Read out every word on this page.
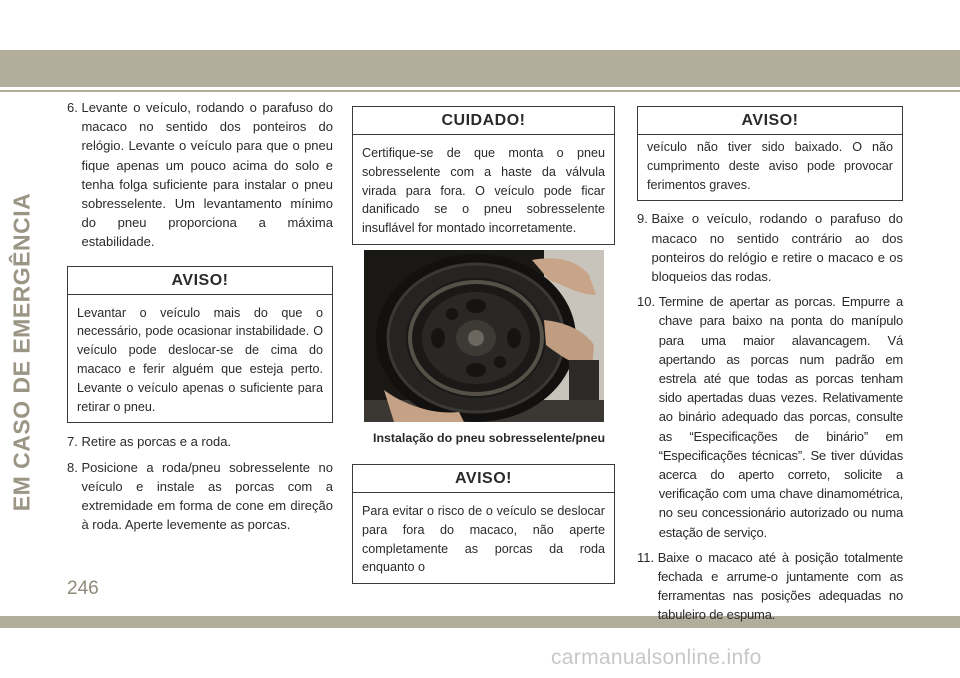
EM CASO DE EMERGÊNCIA
6. Levante o veículo, rodando o parafuso do macaco no sentido dos ponteiros do relógio. Levante o veículo para que o pneu fique apenas um pouco acima do solo e tenha folga suficiente para instalar o pneu sobresselente. Um levantamento mínimo do pneu proporciona a máxima estabilidade.
AVISO!
Levantar o veículo mais do que o necessário, pode ocasionar instabilidade. O veículo pode deslocar-se de cima do macaco e ferir alguém que esteja perto. Levante o veículo apenas o suficiente para retirar o pneu.
7. Retire as porcas e a roda.
8. Posicione a roda/pneu sobresselente no veículo e instale as porcas com a extremidade em forma de cone em direção à roda. Aperte levemente as porcas.
CUIDADO!
Certifique-se de que monta o pneu sobresselente com a haste da válvula virada para fora. O veículo pode ficar danificado se o pneu sobresselente insuflável for montado incorretamente.
Instalação do pneu sobresselente/pneu
AVISO!
Para evitar o risco de o veículo se deslocar para fora do macaco, não aperte completamente as porcas da roda enquanto o
AVISO!
veículo não tiver sido baixado. O não cumprimento deste aviso pode provocar ferimentos graves.
9. Baixe o veículo, rodando o parafuso do macaco no sentido contrário ao dos ponteiros do relógio e retire o macaco e os bloqueios das rodas.
10. Termine de apertar as porcas. Empurre a chave para baixo na ponta do manípulo para uma maior alavancagem. Vá apertando as porcas num padrão em estrela até que todas as porcas tenham sido apertadas duas vezes. Relativamente ao binário adequado das porcas, consulte as “Especificações de binário” em “Especificações técnicas”. Se tiver dúvidas acerca do aperto correto, solicite a verificação com uma chave dinamométrica, no seu concessionário autorizado ou numa estação de serviço.
11. Baixe o macaco até à posição totalmente fechada e arrume-o juntamente com as ferramentas nas posições adequadas no tabuleiro de espuma.
246
carmanualsonline.info
